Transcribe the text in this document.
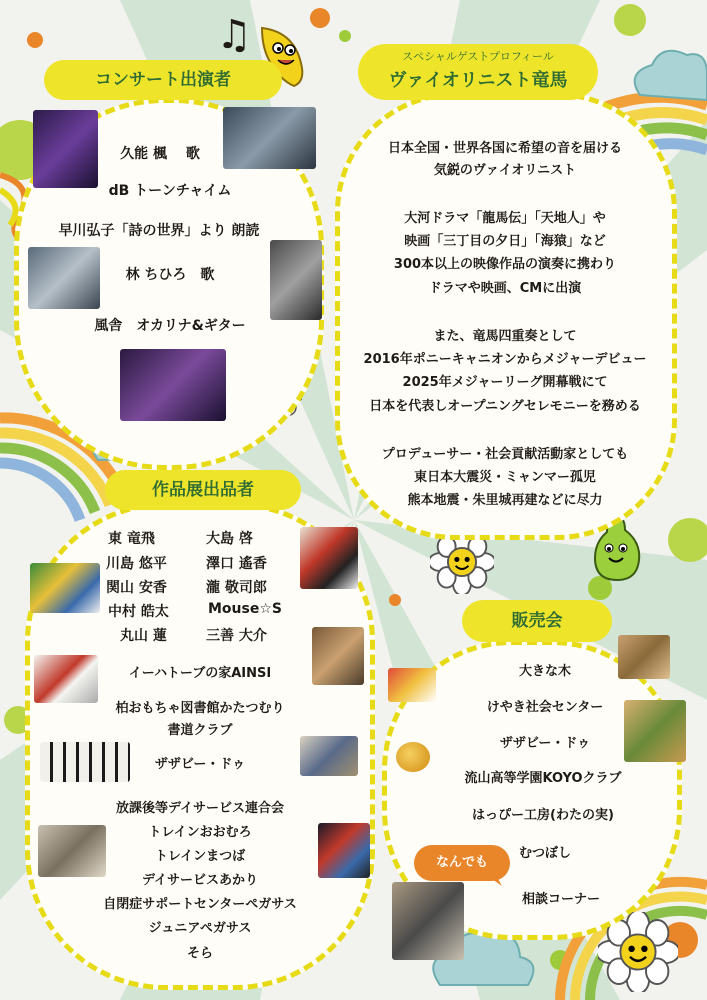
♫
コンサート出演者
久能 楓　 歌
dB トーンチャイム
早川弘子「詩の世界」より 朗読
林 ちひろ　歌
風舎　オカリナ&ギター
スペシャルゲストプロフィール
ヴァイオリニスト竜馬
日本全国・世界各国に希望の音を届ける
気鋭のヴァイオリニスト
大河ドラマ「龍馬伝」「天地人」や
映画「三丁目の夕日」「海猿」など
300本以上の映像作品の演奏に携わり
ドラマや映画、CMに出演
また、竜馬四重奏として
2016年ポニーキャニオンからメジャーデビュー
2025年メジャーリーグ開幕戦にて
日本を代表しオープニングセレモニーを務める
プロデューサー・社会貢献活動家としても
東日本大震災・ミャンマー孤児
熊本地震・朱里城再建などに尽力
作品展出品者
東 竜飛	大島 啓
川島 悠平	澤口 遙香
関山 安香	瀧 敬司郎
中村 皓太	Mouse☆S
丸山 蓮	三善 大介
イーハトーブの家AINSI
柏おもちゃ図書館かたつむり
書道クラブ
ザザビー・ドゥ
放課後等デイサービス連合会
トレインおおむろ
トレインまつば
デイサービスあかり
自閉症サポートセンターペガサス
ジュニアペガサス
そら
販売会
大きな木
けやき社会センター
ザザビー・ドゥ
流山高等学園KOYOクラブ
はっぴー工房(わたの実)
むつぼし
相談コーナー
なんでも
